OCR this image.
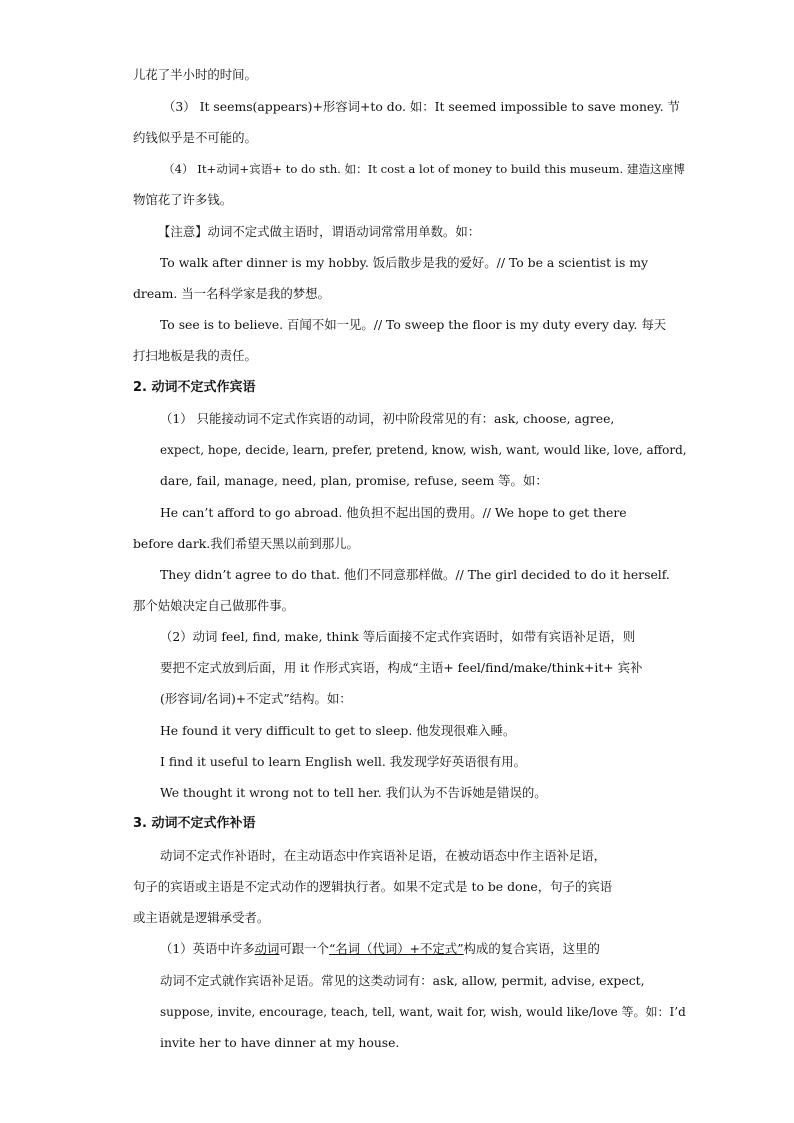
儿花了半小时的时间。
（3） It seems(appears)+形容词+to do. 如：It seemed impossible to save money. 节
约钱似乎是不可能的。
（4） It+动词+宾语+ to do sth. 如：It cost a lot of money to build this museum. 建造这座博
物馆花了许多钱。
【注意】动词不定式做主语时，谓语动词常常用单数。如：
To walk after dinner is my hobby. 饭后散步是我的爱好。// To be a scientist is my
dream. 当一名科学家是我的梦想。
To see is to believe. 百闻不如一见。// To sweep the floor is my duty every day. 每天
打扫地板是我的责任。
2. 动词不定式作宾语
（1） 只能接动词不定式作宾语的动词，初中阶段常见的有：ask, choose, agree,
expect, hope, decide, learn, prefer, pretend, know, wish, want, would like, love, afford,
dare, fail, manage, need, plan, promise, refuse, seem 等。如：
He can’t afford to go abroad. 他负担不起出国的费用。// We hope to get there
before dark.我们希望天黑以前到那儿。
They didn’t agree to do that. 他们不同意那样做。// The girl decided to do it herself.
那个姑娘决定自己做那件事。
（2）动词 feel, find, make, think 等后面接不定式作宾语时，如带有宾语补足语，则
要把不定式放到后面，用 it 作形式宾语，构成“主语+ feel/find/make/think+it+ 宾补
(形容词/名词)+不定式”结构。如：
He found it very difficult to get to sleep. 他发现很难入睡。
I find it useful to learn English well. 我发现学好英语很有用。
We thought it wrong not to tell her. 我们认为不告诉她是错误的。
3. 动词不定式作补语
动词不定式作补语时，在主动语态中作宾语补足语，在被动语态中作主语补足语，
句子的宾语或主语是不定式动作的逻辑执行者。如果不定式是 to be done，句子的宾语
或主语就是逻辑承受者。
（1）英语中许多动词可跟一个“名词（代词）+不定式”构成的复合宾语，这里的
动词不定式就作宾语补足语。常见的这类动词有：ask, allow, permit, advise, expect,
suppose, invite, encourage, teach, tell, want, wait for, wish, would like/love 等。如：I’d
invite her to have dinner at my house.
